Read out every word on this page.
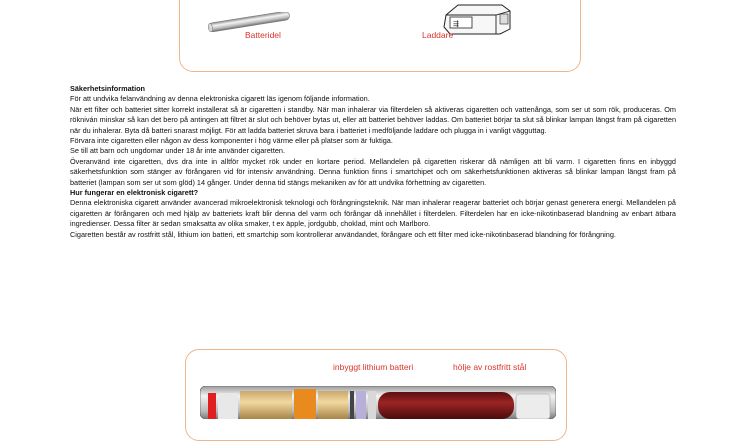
⇶
Batteridel	Laddare

Säkerhetsinformation

För att undvika felanvändning av denna elektroniska cigarett läs igenom följande information.

När ett filter och batteriet sitter korrekt installerat så är cigaretten i standby. När man inhalerar via filterdelen så aktiveras cigaretten och vattenånga, som ser ut som rök, produceras. Om rökniván minskar så kan det bero på antingen att filtret är slut och behöver bytas ut, eller att batteriet behöver laddas. Om batteriet börjar ta slut så blinkar lampan längst fram på cigaretten när du inhalerar. Byta då batteri snarast möjligt. För att ladda batteriet skruva bara i batteriet i medföljande laddare och plugga in i vanligt vägguttag.

Förvara inte cigaretten eller någon av dess komponenter i hög värme eller på platser som är fuktiga.

Se till att barn och ungdomar under 18 år inte använder cigaretten.

Överanvänd inte cigaretten, dvs dra inte in alltför mycket rök under en kortare period. Mellandelen på cigaretten riskerar då nämligen att bli varm. I cigaretten finns en inbyggd säkerhetsfunktion som stänger av förångaren vid för intensiv användning. Denna funktion finns i smartchipet och om säkerhetsfunktionen aktiveras så blinkar lampan längst fram på batteriet (lampan som ser ut som glöd) 14 gånger. Under denna tid stängs mekaniken av för att undvika förhettning av cigaretten.

Hur fungerar en elektronisk cigarett?

Denna elektroniska cigarett använder avancerad mikroelektronisk teknologi och förångningsteknik. När man inhalerar reagerar batteriet och börjar genast generera energi. Mellandelen på cigaretten är förångaren och med hjälp av batteriets kraft blir denna del varm och förångar då innehållet i filterdelen. Filterdelen har en icke-nikotinbaserad blandning av enbart ätbara ingredienser. Dessa filter är sedan smaksatta av olika smaker, t ex äpple, jordgubb, choklad, mint och Marlboro.

Cigaretten består av rostfritt stål, lithium ion batteri, ett smartchip som kontrollerar användandet, förångare och ett filter med icke-nikotinbaserad blandning för förångning.

inbyggt lithium batteri	hölje av rostfritt stål
